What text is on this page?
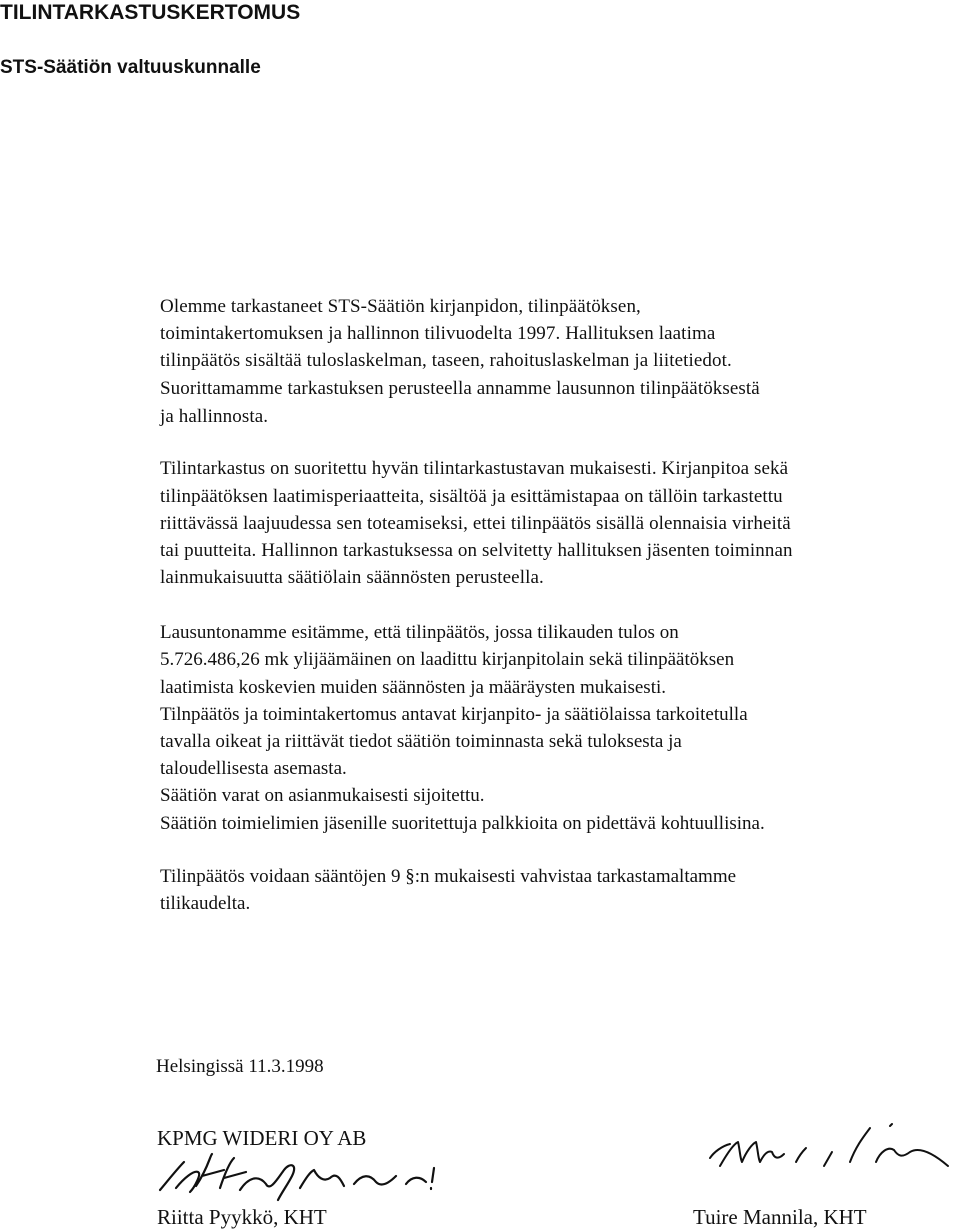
TILINTARKASTUSKERTOMUS
STS-Säätiön valtuuskunnalle
Olemme tarkastaneet STS-Säätiön kirjanpidon, tilinpäätöksen,
toimintakertomuksen ja hallinnon tilivuodelta 1997. Hallituksen laatima
tilinpäätös sisältää tuloslaskelman, taseen, rahoituslaskelman ja liitetiedot.
Suorittamamme tarkastuksen perusteella annamme lausunnon tilinpäätöksestä
ja hallinnosta.
Tilintarkastus on suoritettu hyvän tilintarkastustavan mukaisesti. Kirjanpitoa sekä
tilinpäätöksen laatimisperiaatteita, sisältöä ja esittämistapaa on tällöin tarkastettu
riittävässä laajuudessa sen toteamiseksi, ettei tilinpäätös sisällä olennaisia virheitä
tai puutteita. Hallinnon tarkastuksessa on selvitetty hallituksen jäsenten toiminnan
lainmukaisuutta säätiölain säännösten perusteella.
Lausuntonamme esitämme, että tilinpäätös, jossa tilikauden tulos on
5.726.486,26 mk ylijäämäinen on laadittu kirjanpitolain sekä tilinpäätöksen
laatimista koskevien muiden säännösten ja määräysten mukaisesti.
Tilnpäätös ja toimintakertomus antavat kirjanpito- ja säätiölaissa tarkoitetulla
tavalla oikeat ja riittävät tiedot säätiön toiminnasta sekä tuloksesta ja
taloudellisesta asemasta.
Säätiön varat on asianmukaisesti sijoitettu.
Säätiön toimielimien jäsenille suoritettuja palkkioita on pidettävä kohtuullisina.
Tilinpäätös voidaan sääntöjen 9 §:n mukaisesti vahvistaa tarkastamaltamme
tilikaudelta.
Helsingissä 11.3.1998
KPMG WIDERI OY AB
Riitta Pyykkö, KHT	Tuire Mannila, KHT
